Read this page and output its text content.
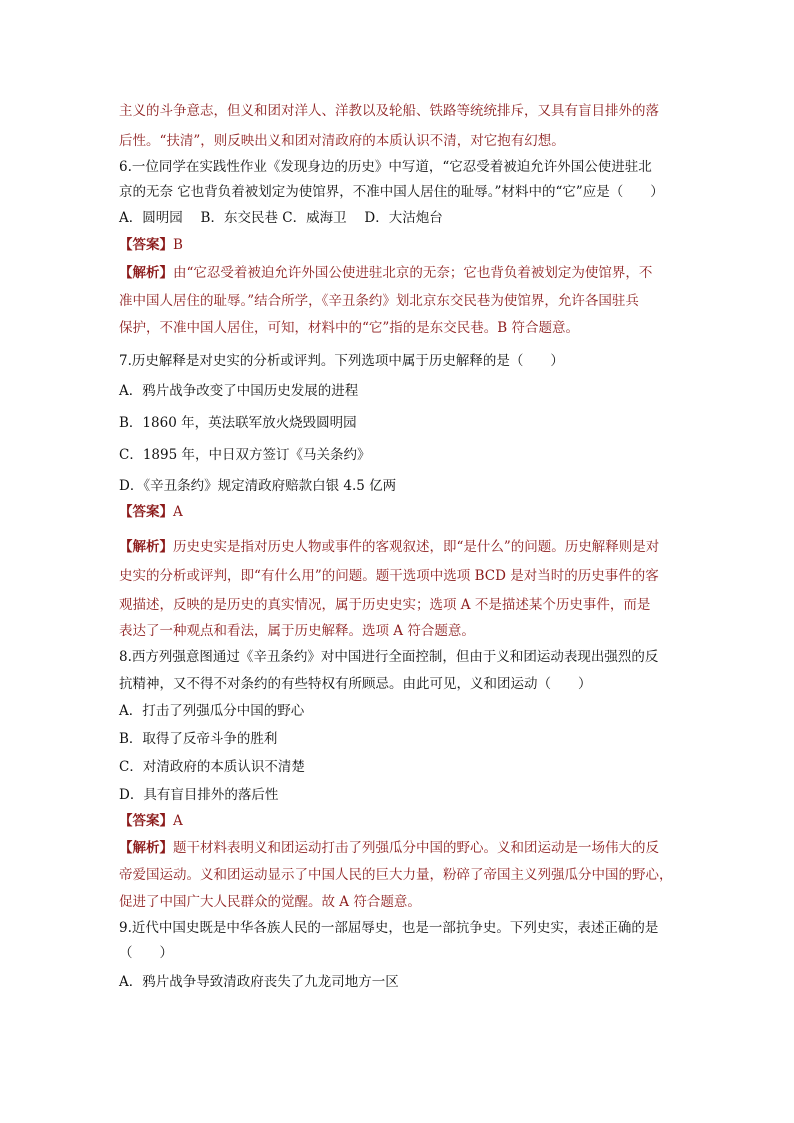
主义的斗争意志，但义和团对洋人、洋教以及轮船、铁路等统统排斥，又具有盲目排外的落

后性。“扶清”，则反映出义和团对清政府的本质认识不清，对它抱有幻想。

6.一位同学在实践性作业《发现身边的历史》中写道，“它忍受着被迫允许外国公使进驻北

京的无奈 它也背负着被划定为使馆界，不准中国人居住的耻辱。”材料中的“它”应是（　　）

A．圆明园　 B．东交民巷 C．威海卫　 D．大沽炮台

【答案】B

【解析】由“它忍受着被迫允许外国公使进驻北京的无奈；它也背负着被划定为使馆界，不

准中国人居住的耻辱。”结合所学，《辛丑条约》划北京东交民巷为使馆界，允许各国驻兵

保护，不准中国人居住，可知，材料中的“它”指的是东交民巷。B 符合题意。

7.历史解释是对史实的分析或评判。下列选项中属于历史解释的是（　　）

A．鸦片战争改变了中国历史发展的进程

B．1860 年，英法联军放火烧毁圆明园

C．1895 年，中日双方签订《马关条约》

D．《辛丑条约》规定清政府赔款白银 4.5 亿两

【答案】A

【解析】历史史实是指对历史人物或事件的客观叙述，即“是什么”的问题。历史解释则是对

史实的分析或评判，即“有什么用”的问题。题干选项中选项 BCD 是对当时的历史事件的客

观描述，反映的是历史的真实情况，属于历史史实；选项 A 不是描述某个历史事件，而是

表达了一种观点和看法，属于历史解释。选项 A 符合题意。

8.西方列强意图通过《辛丑条约》对中国进行全面控制，但由于义和团运动表现出强烈的反

抗精神，又不得不对条约的有些特权有所顾忌。由此可见，义和团运动（　　）

A．打击了列强瓜分中国的野心

B．取得了反帝斗争的胜利

C．对清政府的本质认识不清楚

D．具有盲目排外的落后性

【答案】A

【解析】题干材料表明义和团运动打击了列强瓜分中国的野心。义和团运动是一场伟大的反

帝爱国运动。义和团运动显示了中国人民的巨大力量，粉碎了帝国主义列强瓜分中国的野心，

促进了中国广大人民群众的觉醒。故 A 符合题意。

9.近代中国史既是中华各族人民的一部屈辱史，也是一部抗争史。下列史实，表述正确的是

（　　）

A．鸦片战争导致清政府丧失了九龙司地方一区
